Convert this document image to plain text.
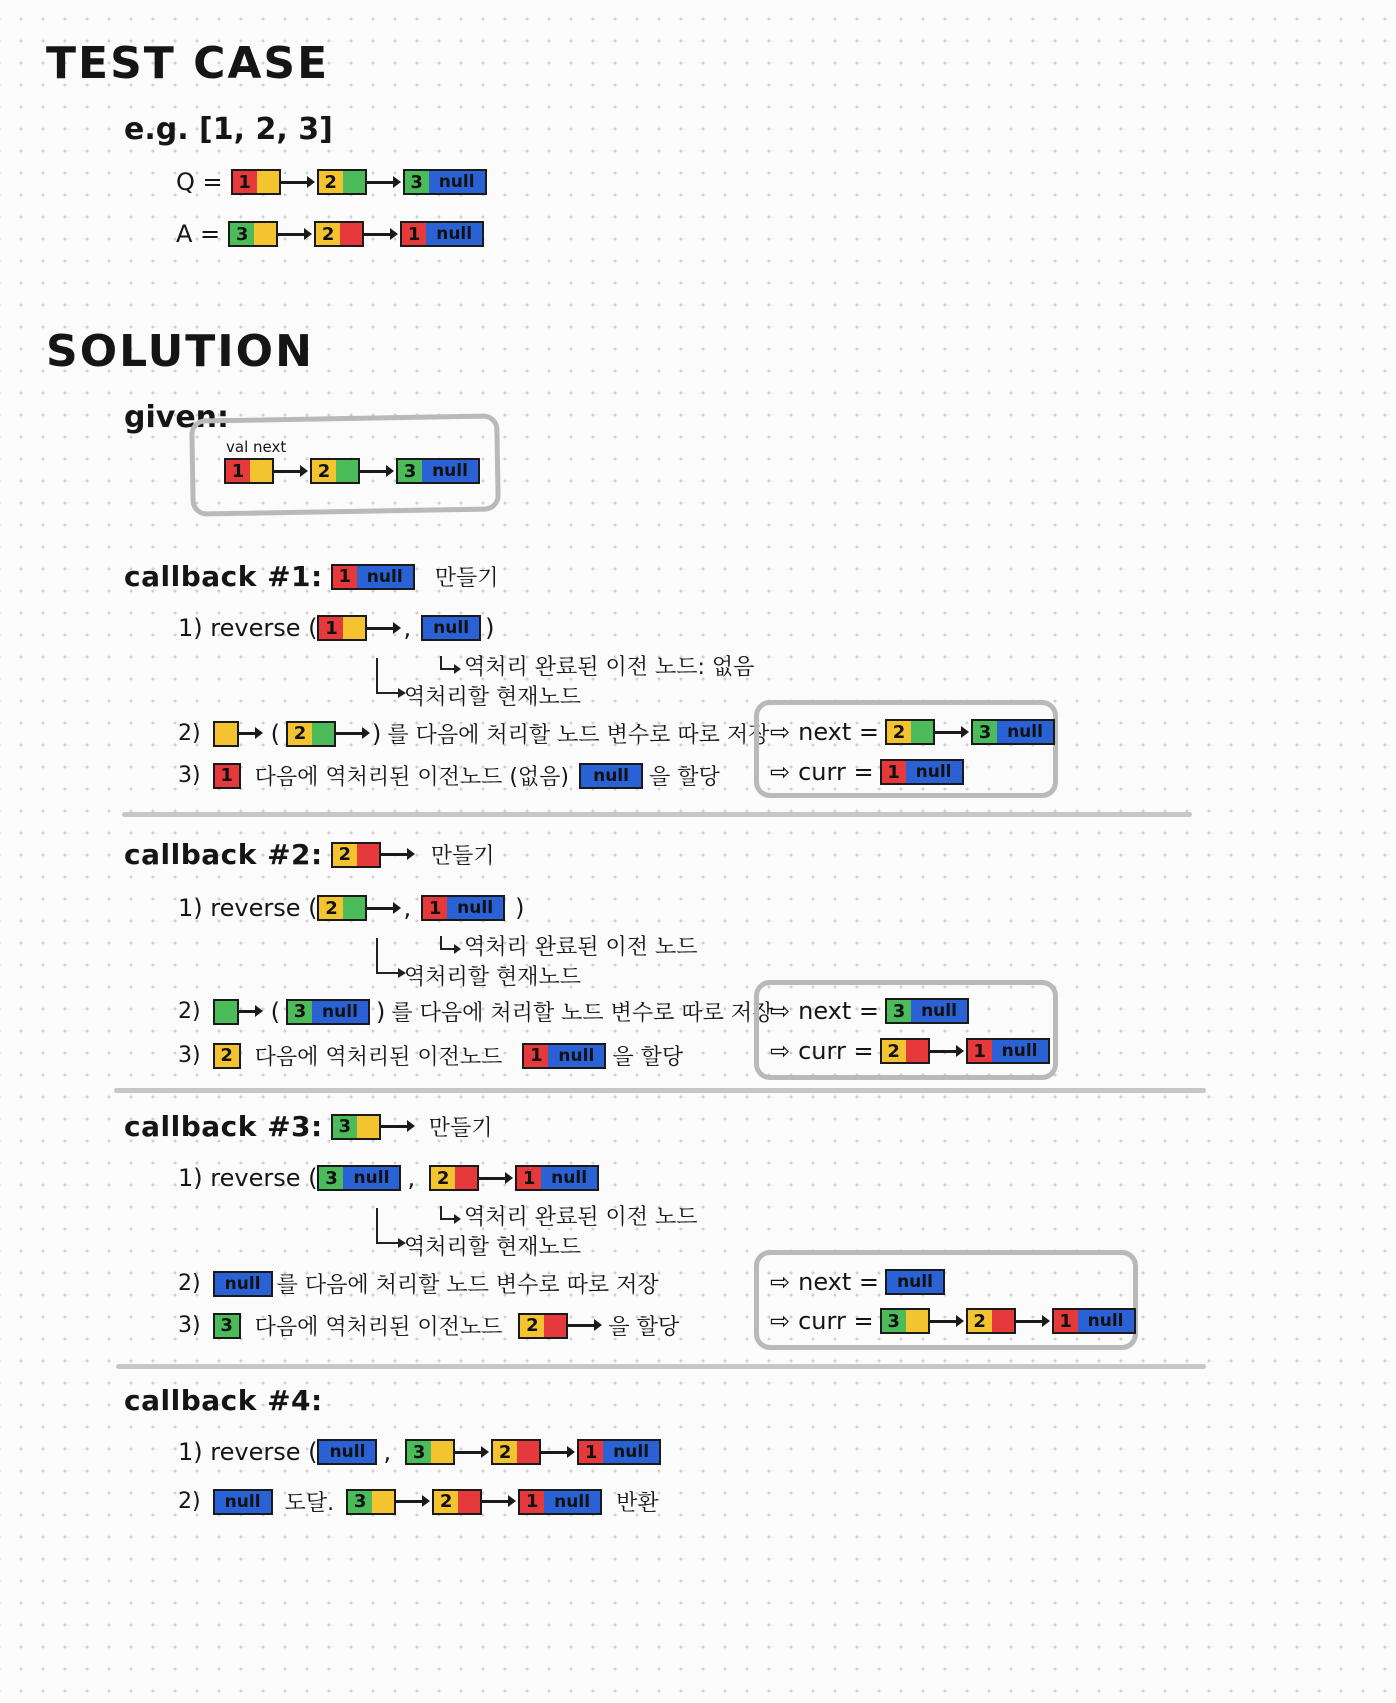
TEST CASE
e.g. [1, 2, 3]
Q = 1	2	3 null
A = 3	2	1 null
SOLUTION
given:
val next
1	2	3 null
callback #1: 1 null	만들기
1) reverse ( 1	,	null )
역처리 완료된 이전 노드: 없음
역처리할 현재노드
2)	( 2	) 를 다음에 처리할 노드 변수로 따로 저장
3)	1 다음에 역처리된 이전노드 (없음)	null 을 할당
⇨ next = 2	3 null
⇨ curr = 1 null
callback #2: 2	만들기
1) reverse ( 2	, 1 null )
역처리 완료된 이전 노드
역처리할 현재노드
2)	( 3 null ) 를 다음에 처리할 노드 변수로 따로 저장
3)	2 다음에 역처리된 이전노드	1 null 을 할당
⇨ next = 3 null
⇨ curr = 2	1 null
callback #3: 3	만들기
1) reverse ( 3 null ,	2	1 null
역처리 완료된 이전 노드
역처리할 현재노드
2)	null 를 다음에 처리할 노드 변수로 따로 저장
3)	3 다음에 역처리된 이전노드	2	을 할당
⇨ next =	null
⇨ curr = 3	2	1 null
callback #4:
1) reverse ( null ,	3	2	1 null
2)	null	도달.	3	2	1 null	반환
